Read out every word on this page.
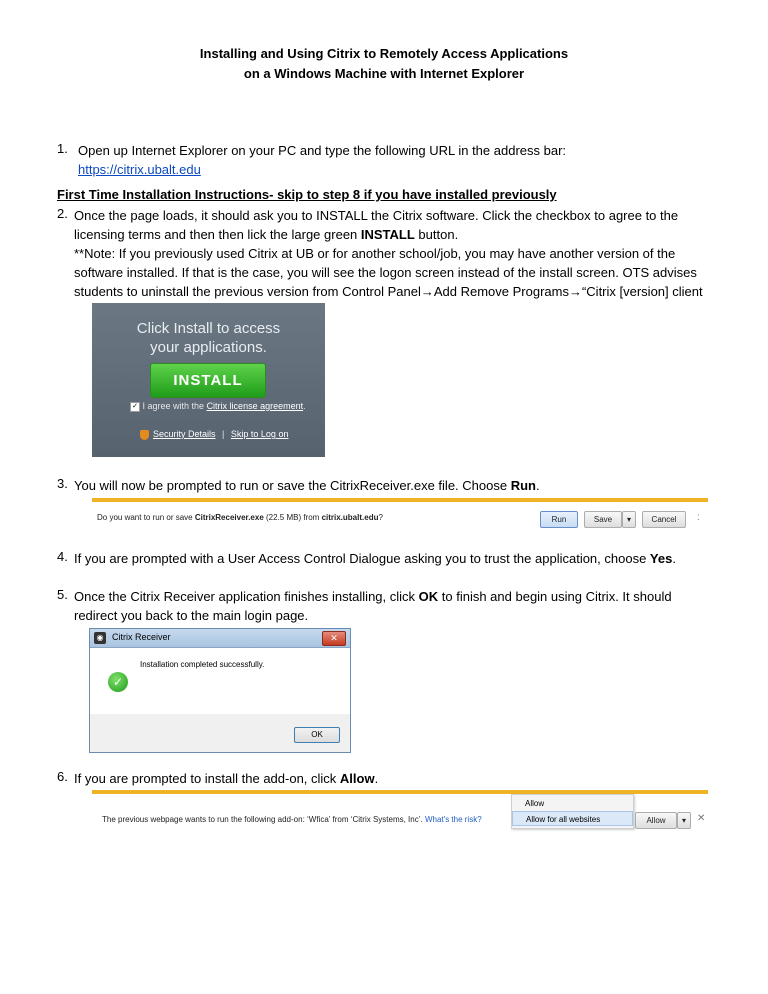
Installing and Using Citrix to Remotely Access Applications
on a Windows Machine with Internet Explorer
1. Open up Internet Explorer on your PC and type the following URL in the address bar:
https://citrix.ubalt.edu
First Time Installation Instructions- skip to step 8 if you have installed previously
2. Once the page loads, it should ask you to INSTALL the Citrix software. Click the checkbox to agree to the licensing terms and then then lick the large green INSTALL button.
**Note: If you previously used Citrix at UB or for another school/job, you may have another version of the software installed. If that is the case, you will see the logon screen instead of the install screen. OTS advises students to uninstall the previous version from Control Panel→Add Remove Programs→“Citrix [version] client
Click Install to access your applications.
INSTALL
✓ I agree with the Citrix license agreement.
Security Details | Skip to Log on
3. You will now be prompted to run or save the CitrixReceiver.exe file. Choose Run.
Do you want to run or save CitrixReceiver.exe (22.5 MB) from citrix.ubalt.edu?	Run	Save	▾	Cancel	:
4. If you are prompted with a User Access Control Dialogue asking you to trust the application, choose Yes.
5. Once the Citrix Receiver application finishes installing, click OK to finish and begin using Citrix. It should redirect you back to the main login page.
◉ Citrix Receiver	✕
✓
Installation completed successfully.
OK
6. If you are prompted to install the add-on, click Allow.
The previous webpage wants to run the following add-on: ‘Wfica’ from ‘Citrix Systems, Inc’. What's the risk?
Allow
Allow for all websites	Allow	▾	✕
